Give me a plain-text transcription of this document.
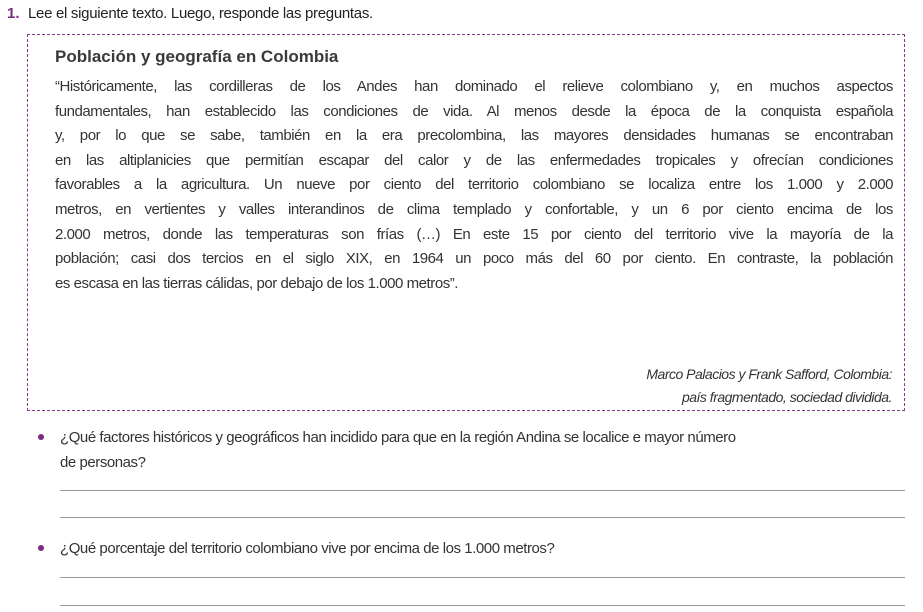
1. Lee el siguiente texto. Luego, responde las preguntas.
Población y geografía en Colombia
“Históricamente, las cordilleras de los Andes han dominado el relieve colombiano y, en muchos aspectos
fundamentales, han establecido las condiciones de vida. Al menos desde la época de la conquista española
y, por lo que se sabe, también en la era precolombina, las mayores densidades humanas se encontraban
en las altiplanicies que permitían escapar del calor y de las enfermedades tropicales y ofrecían condiciones
favorables a la agricultura. Un nueve por ciento del territorio colombiano se localiza entre los 1.000 y 2.000
metros, en vertientes y valles interandinos de clima templado y confortable, y un 6 por ciento encima de los
2.000 metros, donde las temperaturas son frías (…) En este 15 por ciento del territorio vive la mayoría de la
población; casi dos tercios en el siglo XIX, en 1964 un poco más del 60 por ciento. En contraste, la población
es escasa en las tierras cálidas, por debajo de los 1.000 metros”.
Marco Palacios y Frank Safford, Colombia:
país fragmentado, sociedad dividida.
¿Qué factores históricos y geográficos han incidido para que en la región Andina se localice e mayor número
de personas?
¿Qué porcentaje del territorio colombiano vive por encima de los 1.000 metros?
